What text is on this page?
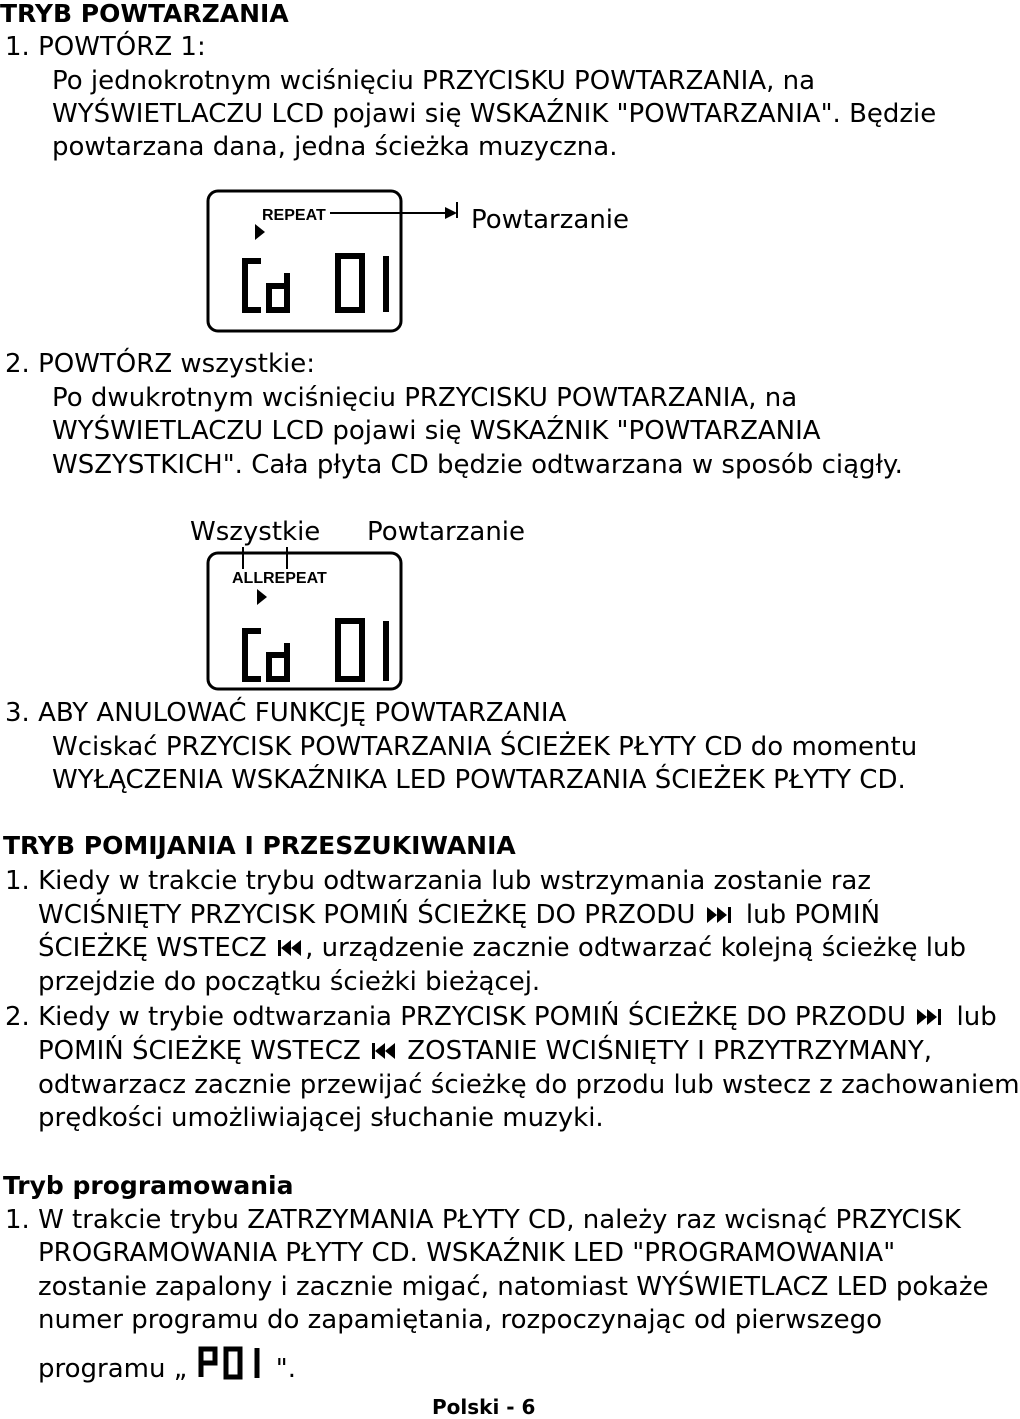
TRYB POWTARZANIA
1. POWTÓRZ 1:
Po jednokrotnym wciśnięciu PRZYCISKU POWTARZANIA, na
WYŚWIETLACZU LCD pojawi się WSKAŹNIK "POWTARZANIA". Będzie
powtarzana dana, jedna ścieżka muzyczna.
REPEAT	Powtarzanie
2. POWTÓRZ wszystkie:
Po dwukrotnym wciśnięciu PRZYCISKU POWTARZANIA, na
WYŚWIETLACZU LCD pojawi się WSKAŹNIK "POWTARZANIA
WSZYSTKICH". Cała płyta CD będzie odtwarzana w sposób ciągły.
Wszystkie Powtarzanie
ALL REPEAT
3. ABY ANULOWAĆ FUNKCJĘ POWTARZANIA
Wciskać PRZYCISK POWTARZANIA ŚCIEŻEK PŁYTY CD do momentu
WYŁĄCZENIA WSKAŹNIKA LED POWTARZANIA ŚCIEŻEK PŁYTY CD.
TRYB POMIJANIA I PRZESZUKIWANIA
1. Kiedy w trakcie trybu odtwarzania lub wstrzymania zostanie raz
WCIŚNIĘTY PRZYCISK POMIŃ ŚCIEŻKĘ DO PRZODU  lub POMIŃ
ŚCIEŻKĘ WSTECZ , urządzenie zacznie odtwarzać kolejną ścieżkę lub
przejdzie do początku ścieżki bieżącej.
2. Kiedy w trybie odtwarzania PRZYCISK POMIŃ ŚCIEŻKĘ DO PRZODU  lub
POMIŃ ŚCIEŻKĘ WSTECZ  ZOSTANIE WCIŚNIĘTY I PRZYTRZYMANY,
odtwarzacz zacznie przewijać ścieżkę do przodu lub wstecz z zachowaniem
prędkości umożliwiającej słuchanie muzyki.
Tryb programowania
1. W trakcie trybu ZATRZYMANIA PŁYTY CD, należy raz wcisnąć PRZYCISK
PROGRAMOWANIA PŁYTY CD. WSKAŹNIK LED "PROGRAMOWANIA"
zostanie zapalony i zacznie migać, natomiast WYŚWIETLACZ LED pokaże
numer programu do zapamiętania, rozpoczynając od pierwszego
programu „	".
Polski - 6
